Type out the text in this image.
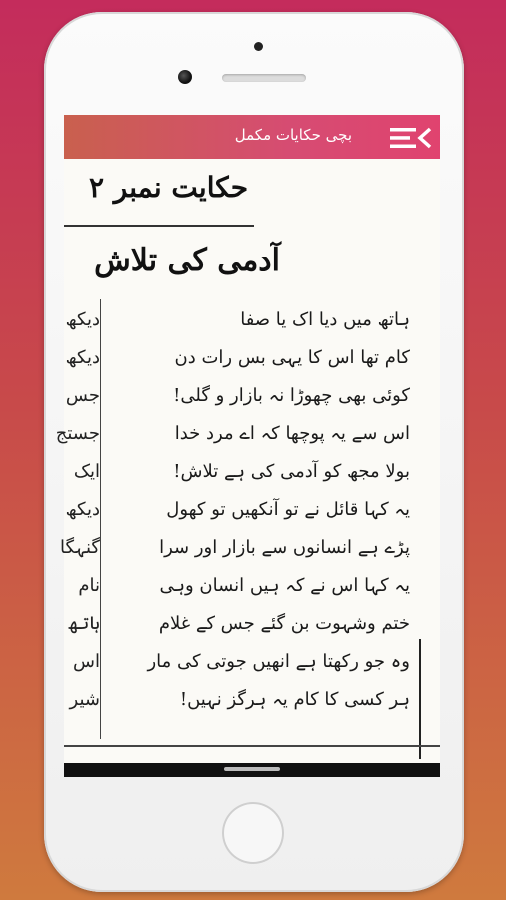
بچی حکایات مکمل
حکایت نمبر ۲
آدمی کی تلاش
دیکھ
دیکھ
جس
جستج
ایک
دیکھ
گنہگا
نام
ہاتھ
اس
شیر
ہاتھ میں دیا اک یا صفا
کام تھا اس کا یہی بس رات دن
کوئی بھی چھوڑا نہ بازار و گلی!
اس سے یہ پوچھا کہ اے مرد خدا
بولا مجھ کو آدمی کی ہے تلاش!
یہ کہا قائل نے تو آنکھیں تو کھول
پڑے ہے انسانوں سے بازار اور سرا
یہ کہا اس نے کہ ہیں انسان وہی
ختم وشہوت بن گئے جس کے غلام
وہ جو رکھتا ہے انھیں جوتی کی مار
ہر کسی کا کام یہ ہرگز نہیں!
